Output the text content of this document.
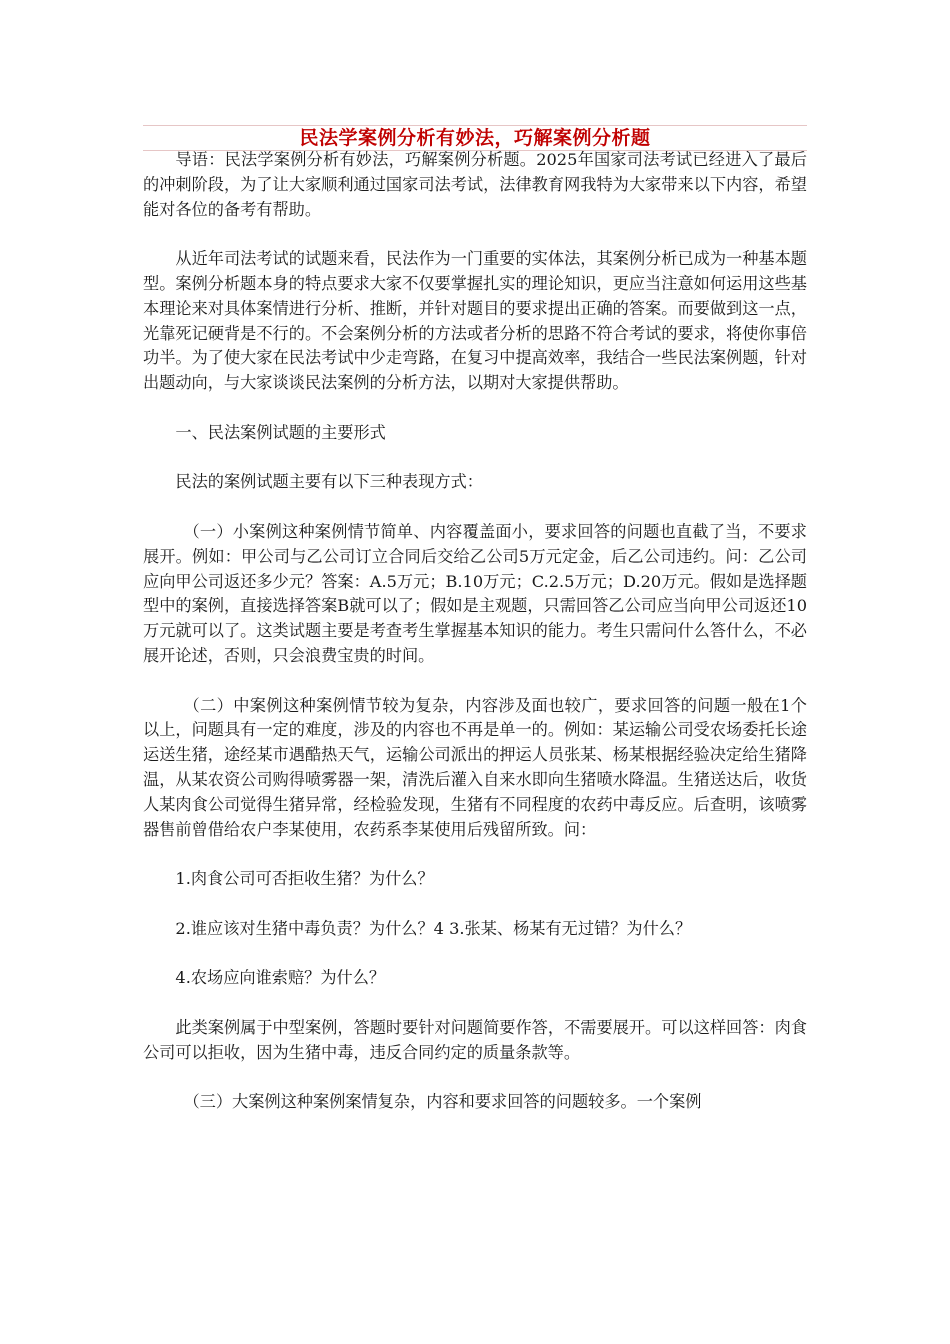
民法学案例分析有妙法，巧解案例分析题

导语：民法学案例分析有妙法，巧解案例分析题。2025年国家司法考试已经进入了最后的冲刺阶段，为了让大家顺利通过国家司法考试，法律教育网我特为大家带来以下内容，希望能对各位的备考有帮助。

从近年司法考试的试题来看，民法作为一门重要的实体法，其案例分析已成为一种基本题型。案例分析题本身的特点要求大家不仅要掌握扎实的理论知识，更应当注意如何运用这些基本理论来对具体案情进行分析、推断，并针对题目的要求提出正确的答案。而要做到这一点，光靠死记硬背是不行的。不会案例分析的方法或者分析的思路不符合考试的要求，将使你事倍功半。为了使大家在民法考试中少走弯路，在复习中提高效率，我结合一些民法案例题，针对出题动向，与大家谈谈民法案例的分析方法，以期对大家提供帮助。

一、民法案例试题的主要形式

民法的案例试题主要有以下三种表现方式：

（一）小案例这种案例情节简单、内容覆盖面小，要求回答的问题也直截了当，不要求展开。例如：甲公司与乙公司订立合同后交给乙公司5万元定金，后乙公司违约。问：乙公司应向甲公司返还多少元？答案：A.5万元；B.10万元；C.2.5万元；D.20万元。假如是选择题型中的案例，直接选择答案B就可以了；假如是主观题，只需回答乙公司应当向甲公司返还10万元就可以了。这类试题主要是考查考生掌握基本知识的能力。考生只需问什么答什么，不必展开论述，否则，只会浪费宝贵的时间。

（二）中案例这种案例情节较为复杂，内容涉及面也较广，要求回答的问题一般在1个以上，问题具有一定的难度，涉及的内容也不再是单一的。例如：某运输公司受农场委托长途运送生猪，途经某市遇酷热天气，运输公司派出的押运人员张某、杨某根据经验决定给生猪降温，从某农资公司购得喷雾器一架，清洗后灌入自来水即向生猪喷水降温。生猪送达后，收货人某肉食公司觉得生猪异常，经检验发现，生猪有不同程度的农药中毒反应。后查明，该喷雾器售前曾借给农户李某使用，农药系李某使用后残留所致。问：

1.肉食公司可否拒收生猪？为什么？

2.谁应该对生猪中毒负责？为什么？4 3.张某、杨某有无过错？为什么？

4.农场应向谁索赔？为什么？

此类案例属于中型案例，答题时要针对问题简要作答，不需要展开。可以这样回答：肉食公司可以拒收，因为生猪中毒，违反合同约定的质量条款等。

（三）大案例这种案例案情复杂，内容和要求回答的问题较多。一个案例
